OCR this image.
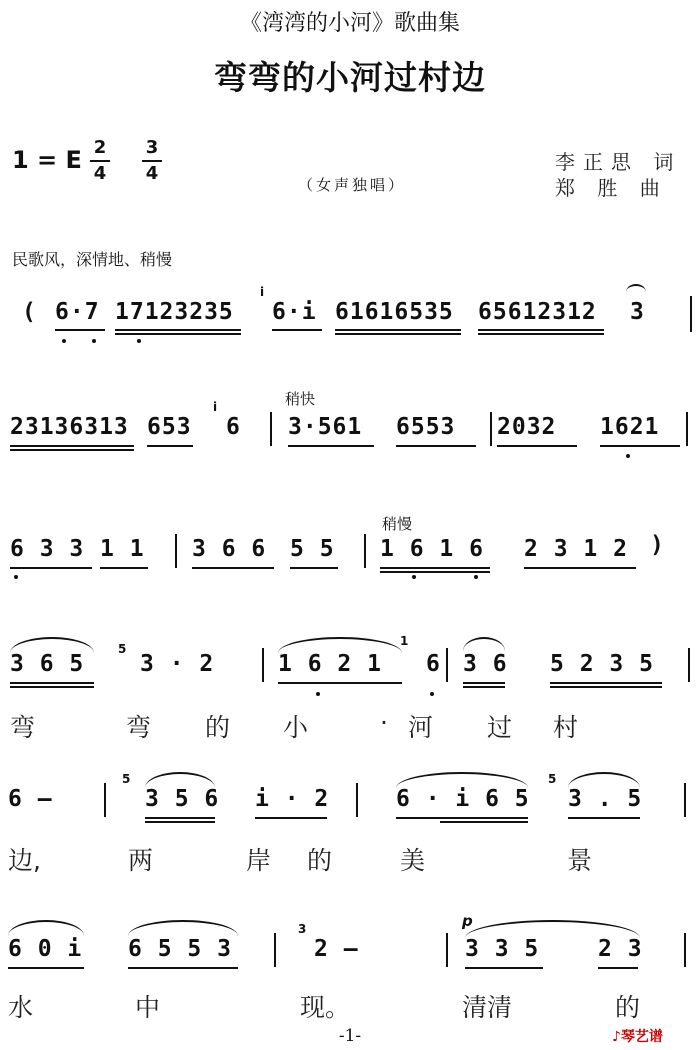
《湾湾的小河》歌曲集
弯弯的小河过村边
1 = E 2
4
3
4	李正思 词
郑 胜 曲
（女声独唱）
民歌风，深情地、稍慢
( 6·7 17123235
i
6·i 61616535 65612312 3
23136313 653
i
6
稍快
3·561 6553 2032 1621
6 3 3 1 1 3 6 6 5 5
稍慢
1 6 1 6 2 3 1 2 )
3 6 5
5
3 · 2	1 6 2 1
1
6 3 6 5 2 3 5
弯	弯 的 小	· 河 过 村
6 —
5
3 5 6 i · 2	6 · i 6 5
5
3 . 5
边,	两	岸 的	美	景
p
6 0 i 6 5 5 3
3
2 —	3 3 5	2 3
水	中	现。	清清	的
-1-	♪琴艺谱
